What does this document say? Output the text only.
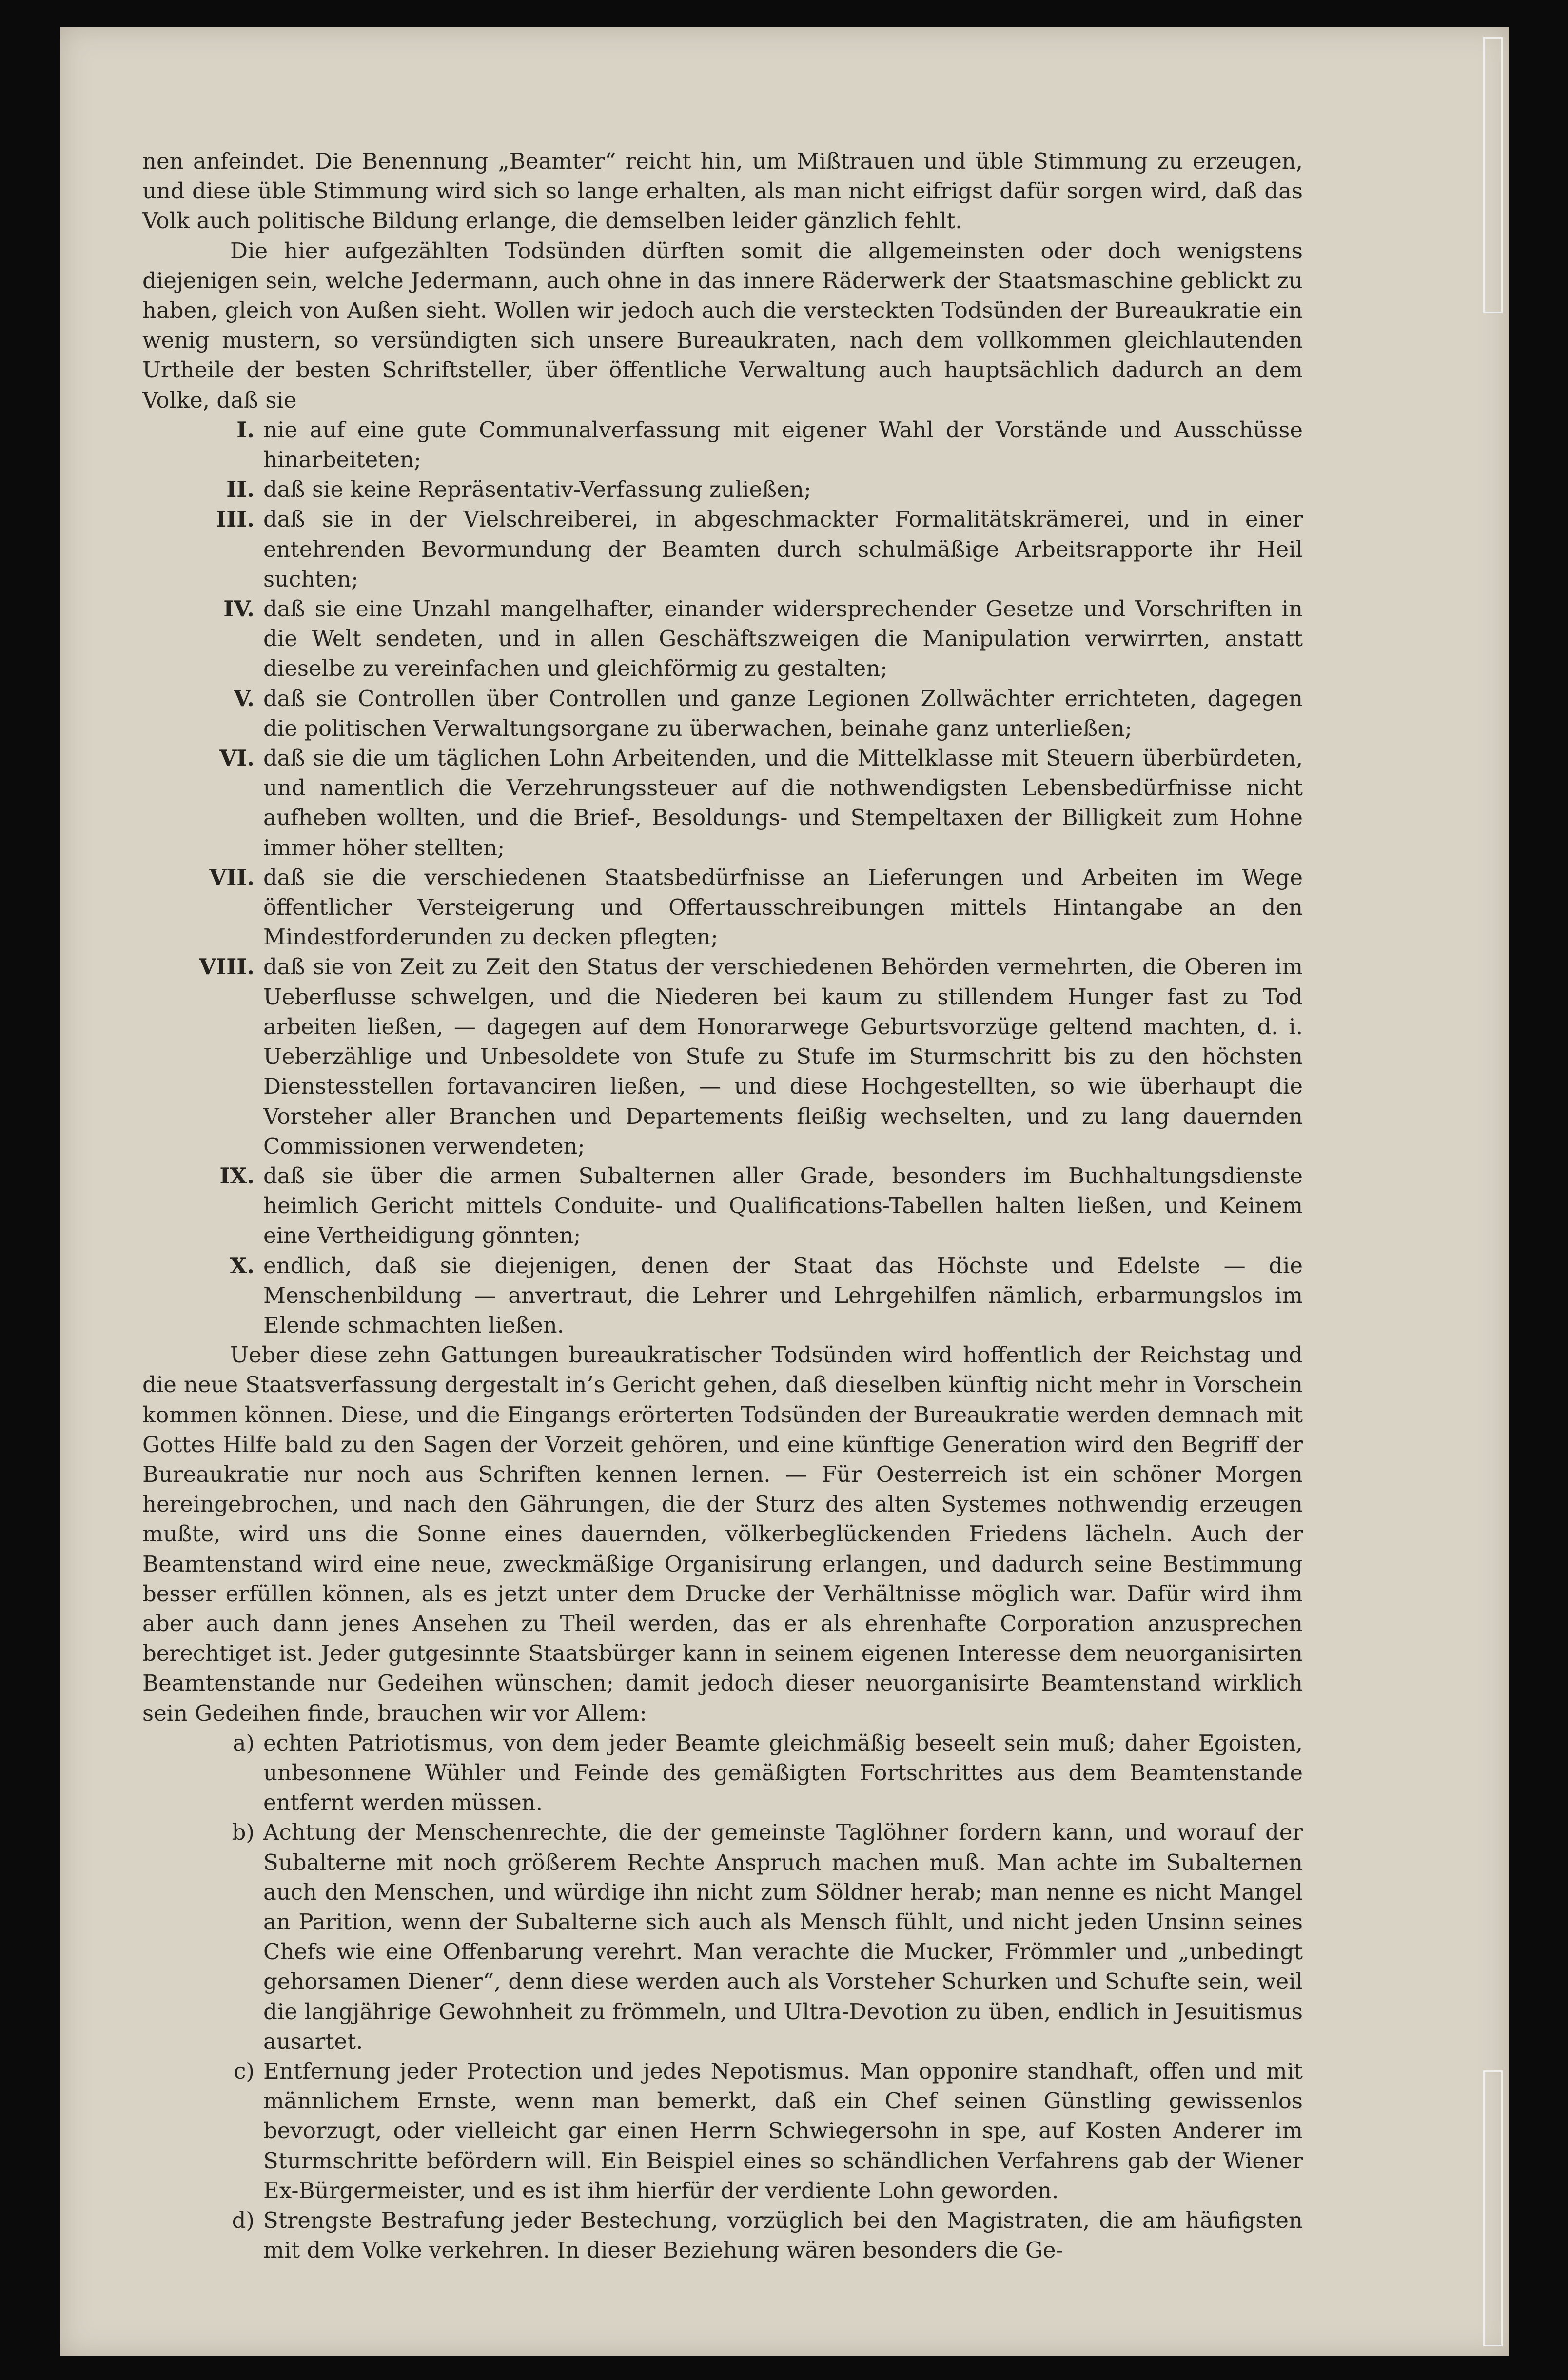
nen anfeindet. Die Benennung „Beamter“ reicht hin, um Mißtrauen und üble Stimmung zu erzeugen, und diese üble Stimmung wird sich so lange erhalten, als man nicht eifrigst dafür sorgen wird, daß das Volk auch politische Bildung erlange, die demselben leider gänzlich fehlt.

Die hier aufgezählten Todsünden dürften somit die allgemeinsten oder doch wenigstens diejenigen sein, welche Jedermann, auch ohne in das innere Räderwerk der Staatsmaschine geblickt zu haben, gleich von Außen sieht. Wollen wir jedoch auch die versteckten Todsünden der Bureaukratie ein wenig mustern, so versündigten sich unsere Bureaukraten, nach dem vollkommen gleichlautenden Urtheile der besten Schriftsteller, über öffentliche Verwaltung auch hauptsächlich dadurch an dem Volke, daß sie

I. nie auf eine gute Communalverfassung mit eigener Wahl der Vorstände und Ausschüsse hinarbeiteten;

II. daß sie keine Repräsentativ-Verfassung zuließen;

III. daß sie in der Vielschreiberei, in abgeschmackter Formalitätskrämerei, und in einer entehrenden Bevormundung der Beamten durch schulmäßige Arbeitsrapporte ihr Heil suchten;

IV. daß sie eine Unzahl mangelhafter, einander widersprechender Gesetze und Vorschriften in die Welt sendeten, und in allen Geschäftszweigen die Manipulation verwirrten, anstatt dieselbe zu vereinfachen und gleichförmig zu gestalten;

V. daß sie Controllen über Controllen und ganze Legionen Zollwächter errichteten, dagegen die politischen Verwaltungsorgane zu überwachen, beinahe ganz unterließen;

VI. daß sie die um täglichen Lohn Arbeitenden, und die Mittelklasse mit Steuern überbürdeten, und namentlich die Verzehrungssteuer auf die nothwendigsten Lebensbedürfnisse nicht aufheben wollten, und die Brief-, Besoldungs- und Stempeltaxen der Billigkeit zum Hohne immer höher stellten;

VII. daß sie die verschiedenen Staatsbedürfnisse an Lieferungen und Arbeiten im Wege öffentlicher Versteigerung und Offertausschreibungen mittels Hintangabe an den Mindestforderunden zu decken pflegten;

VIII. daß sie von Zeit zu Zeit den Status der verschiedenen Behörden vermehrten, die Oberen im Ueberflusse schwelgen, und die Niederen bei kaum zu stillendem Hunger fast zu Tod arbeiten ließen, — dagegen auf dem Honorarwege Geburtsvorzüge geltend machten, d. i. Ueberzählige und Unbesoldete von Stufe zu Stufe im Sturmschritt bis zu den höchsten Dienstesstellen fortavanciren ließen, — und diese Hochgestellten, so wie überhaupt die Vorsteher aller Branchen und Departements fleißig wechselten, und zu lang dauernden Commissionen verwendeten;

IX. daß sie über die armen Subalternen aller Grade, besonders im Buchhaltungsdienste heimlich Gericht mittels Conduite- und Qualifications-Tabellen halten ließen, und Keinem eine Vertheidigung gönnten;

X. endlich, daß sie diejenigen, denen der Staat das Höchste und Edelste — die Menschenbildung — anvertraut, die Lehrer und Lehrgehilfen nämlich, erbarmungslos im Elende schmachten ließen.

Ueber diese zehn Gattungen bureaukratischer Todsünden wird hoffentlich der Reichstag und die neue Staatsverfassung dergestalt in’s Gericht gehen, daß dieselben künftig nicht mehr in Vorschein kommen können. Diese, und die Eingangs erörterten Todsünden der Bureaukratie werden demnach mit Gottes Hilfe bald zu den Sagen der Vorzeit gehören, und eine künftige Generation wird den Begriff der Bureaukratie nur noch aus Schriften kennen lernen. — Für Oesterreich ist ein schöner Morgen hereingebrochen, und nach den Gährungen, die der Sturz des alten Systemes nothwendig erzeugen mußte, wird uns die Sonne eines dauernden, völkerbeglückenden Friedens lächeln. Auch der Beamtenstand wird eine neue, zweckmäßige Organisirung erlangen, und dadurch seine Bestimmung besser erfüllen können, als es jetzt unter dem Drucke der Verhältnisse möglich war. Dafür wird ihm aber auch dann jenes Ansehen zu Theil werden, das er als ehrenhafte Corporation anzusprechen berechtiget ist. Jeder gutgesinnte Staatsbürger kann in seinem eigenen Interesse dem neuorganisirten Beamtenstande nur Gedeihen wünschen; damit jedoch dieser neuorganisirte Beamtenstand wirklich sein Gedeihen finde, brauchen wir vor Allem:

a) echten Patriotismus, von dem jeder Beamte gleichmäßig beseelt sein muß; daher Egoisten, unbesonnene Wühler und Feinde des gemäßigten Fortschrittes aus dem Beamtenstande entfernt werden müssen.

b) Achtung der Menschenrechte, die der gemeinste Taglöhner fordern kann, und worauf der Subalterne mit noch größerem Rechte Anspruch machen muß. Man achte im Subalternen auch den Menschen, und würdige ihn nicht zum Söldner herab; man nenne es nicht Mangel an Parition, wenn der Subalterne sich auch als Mensch fühlt, und nicht jeden Unsinn seines Chefs wie eine Offenbarung verehrt. Man verachte die Mucker, Frömmler und „unbedingt gehorsamen Diener“, denn diese werden auch als Vorsteher Schurken und Schufte sein, weil die langjährige Gewohnheit zu frömmeln, und Ultra-Devotion zu üben, endlich in Jesuitismus ausartet.

c) Entfernung jeder Protection und jedes Nepotismus. Man opponire standhaft, offen und mit männlichem Ernste, wenn man bemerkt, daß ein Chef seinen Günstling gewissenlos bevorzugt, oder vielleicht gar einen Herrn Schwiegersohn in spe, auf Kosten Anderer im Sturmschritte befördern will. Ein Beispiel eines so schändlichen Verfahrens gab der Wiener Ex-Bürgermeister, und es ist ihm hierfür der verdiente Lohn geworden.

d) Strengste Bestrafung jeder Bestechung, vorzüglich bei den Magistraten, die am häufigsten mit dem Volke verkehren. In dieser Beziehung wären besonders die Ge-
